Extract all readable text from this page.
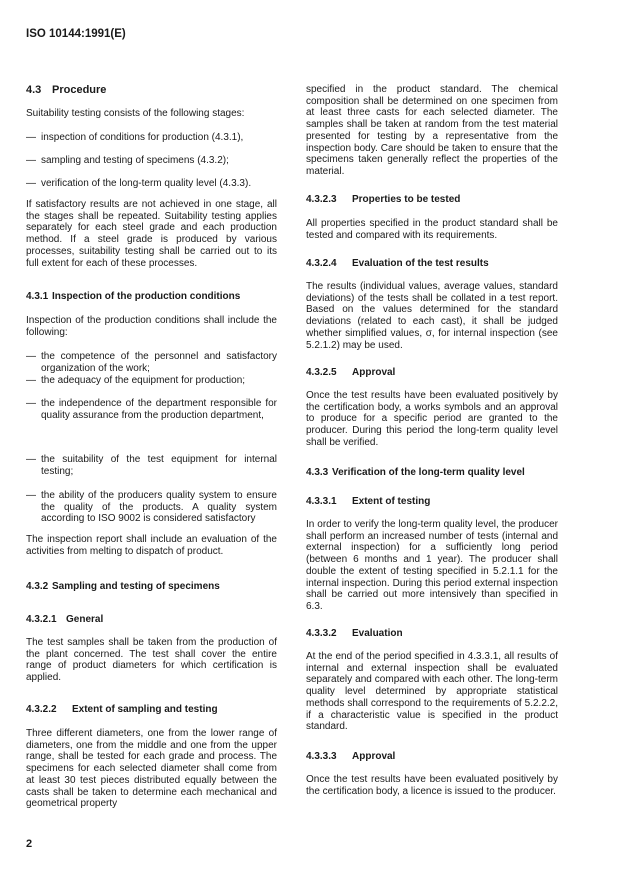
ISO 10144:1991(E)
4.3 Procedure
Suitability testing consists of the following stages:
— inspection of conditions for production (4.3.1),
— sampling and testing of specimens (4.3.2);
— verification of the long-term quality level (4.3.3).
If satisfactory results are not achieved in one stage, all the stages shall be repeated. Suitability testing applies separately for each steel grade and each production method. If a steel grade is produced by various processes, suitability testing shall be carried out to its full extent for each of these processes.
4.3.1 Inspection of the production conditions
Inspection of the production conditions shall include the following:
— the competence of the personnel and satisfactory organization of the work;
— the adequacy of the equipment for production;
— the independence of the department responsible for quality assurance from the production department,
— the suitability of the test equipment for internal testing;
— the ability of the producers quality system to ensure the quality of the products. A quality system according to ISO 9002 is considered satisfactory
The inspection report shall include an evaluation of the activities from melting to dispatch of product.
4.3.2 Sampling and testing of specimens
4.3.2.1 General
The test samples shall be taken from the production of the plant concerned. The test shall cover the entire range of product diameters for which certification is applied.
4.3.2.2 Extent of sampling and testing
Three different diameters, one from the lower range of diameters, one from the middle and one from the upper range, shall be tested for each grade and process. The specimens for each selected diameter shall come from at least 30 test pieces distributed equally between the casts shall be taken to determine each mechanical and geometrical property
2
specified in the product standard. The chemical composition shall be determined on one specimen from at least three casts for each selected diameter. The samples shall be taken at random from the test material presented for testing by a representative from the inspection body. Care should be taken to ensure that the specimens taken generally reflect the properties of the material.
4.3.2.3 Properties to be tested
All properties specified in the product standard shall be tested and compared with its requirements.
4.3.2.4 Evaluation of the test results
The results (individual values, average values, standard deviations) of the tests shall be collated in a test report. Based on the values determined for the standard deviations (related to each cast), it shall be judged whether simplified values, σ, for internal inspection (see 5.2.1.2) may be used.
4.3.2.5 Approval
Once the test results have been evaluated positively by the certification body, a works symbols and an approval to produce for a specific period are granted to the producer. During this period the long-term quality level shall be verified.
4.3.3 Verification of the long-term quality level
4.3.3.1 Extent of testing
In order to verify the long-term quality level, the producer shall perform an increased number of tests (internal and external inspection) for a sufficiently long period (between 6 months and 1 year). The producer shall double the extent of testing specified in 5.2.1.1 for the internal inspection. During this period external inspection shall be carried out more intensively than specified in 6.3.
4.3.3.2 Evaluation
At the end of the period specified in 4.3.3.1, all results of internal and external inspection shall be evaluated separately and compared with each other. The long-term quality level determined by appropriate statistical methods shall correspond to the requirements of 5.2.2.2, if a characteristic value is specified in the product standard.
4.3.3.3 Approval
Once the test results have been evaluated positively by the certification body, a licence is issued to the producer.
